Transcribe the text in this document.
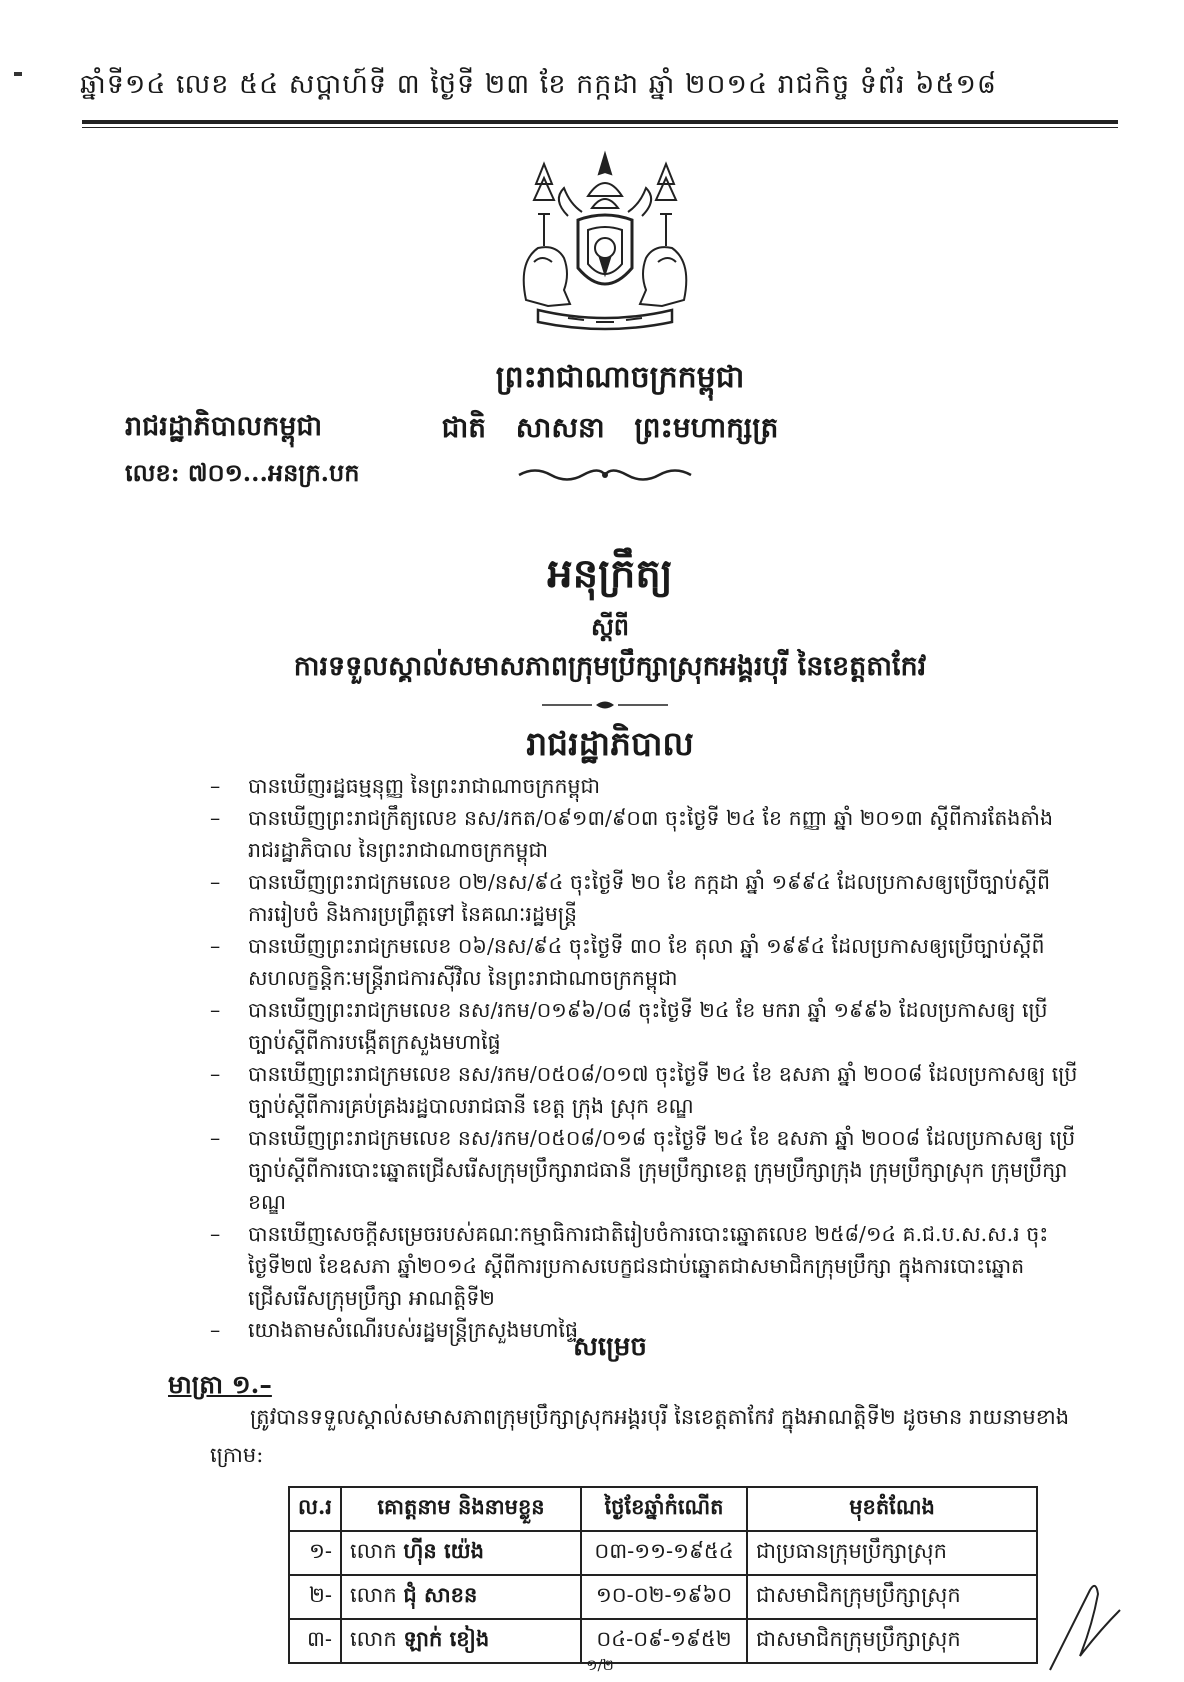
ឆ្នាំទី១៤ លេខ ៥៤ សប្តាហ៍ទី ៣ ថ្ងៃទី ២៣ ខែ កក្កដា ឆ្នាំ ២០១៤ រាជកិច្ច ទំព័រ ៦៥១៨
ព្រះរាជាណាចក្រកម្ពុជា
រាជរដ្ឋាភិបាលកម្ពុជា	ជាតិ សាសនា ព្រះមហាក្សត្រ
លេខ: ៧០១...អនក្រ.បក
អនុក្រឹត្យ
ស្តីពី
ការទទួលស្គាល់សមាសភាពក្រុមប្រឹក្សាស្រុកអង្គរបុរី នៃខេត្តតាកែវ
រាជរដ្ឋាភិបាល
– បានឃើញរដ្ឋធម្មនុញ្ញ នៃព្រះរាជាណាចក្រកម្ពុជា
– បានឃើញព្រះរាជក្រឹត្យលេខ នស/រកត/០៩១៣/៩០៣ ចុះថ្ងៃទី ២៤ ខែ កញ្ញា ឆ្នាំ ២០១៣ ស្តីពីការតែងតាំង រាជរដ្ឋាភិបាល នៃព្រះរាជាណាចក្រកម្ពុជា
– បានឃើញព្រះរាជក្រមលេខ ០២/នស/៩៤ ចុះថ្ងៃទី ២០ ខែ កក្កដា ឆ្នាំ ១៩៩៤ ដែលប្រកាសឲ្យប្រើច្បាប់ស្តីពី ការរៀបចំ និងការប្រព្រឹត្តទៅ នៃគណៈរដ្ឋមន្ត្រី
– បានឃើញព្រះរាជក្រមលេខ ០៦/នស/៩៤ ចុះថ្ងៃទី ៣០ ខែ តុលា ឆ្នាំ ១៩៩៤ ដែលប្រកាសឲ្យប្រើច្បាប់ស្តីពី សហលក្ខន្តិកៈមន្ត្រីរាជការស៊ីវិល នៃព្រះរាជាណាចក្រកម្ពុជា
– បានឃើញព្រះរាជក្រមលេខ នស/រកម/០១៩៦/០៨ ចុះថ្ងៃទី ២៤ ខែ មករា ឆ្នាំ ១៩៩៦ ដែលប្រកាសឲ្យ ប្រើច្បាប់ស្តីពីការបង្កើតក្រសួងមហាផ្ទៃ
– បានឃើញព្រះរាជក្រមលេខ នស/រកម/០៥០៨/០១៧ ចុះថ្ងៃទី ២៤ ខែ ឧសភា ឆ្នាំ ២០០៨ ដែលប្រកាសឲ្យ ប្រើច្បាប់ស្តីពីការគ្រប់គ្រងរដ្ឋបាលរាជធានី ខេត្ត ក្រុង ស្រុក ខណ្ឌ
– បានឃើញព្រះរាជក្រមលេខ នស/រកម/០៥០៨/០១៨ ចុះថ្ងៃទី ២៤ ខែ ឧសភា ឆ្នាំ ២០០៨ ដែលប្រកាសឲ្យ ប្រើច្បាប់ស្តីពីការបោះឆ្នោតជ្រើសរើសក្រុមប្រឹក្សារាជធានី ក្រុមប្រឹក្សាខេត្ត ក្រុមប្រឹក្សាក្រុង ក្រុមប្រឹក្សាស្រុក ក្រុមប្រឹក្សាខណ្ឌ
– បានឃើញសេចក្តីសម្រេចរបស់គណៈកម្មាធិការជាតិរៀបចំការបោះឆ្នោតលេខ ២៥៨/១៤ គ.ជ.ប.ស.ស.រ ចុះថ្ងៃទី២៧ ខែឧសភា ឆ្នាំ២០១៤ ស្តីពីការប្រកាសបេក្ខជនជាប់ឆ្នោតជាសមាជិកក្រុមប្រឹក្សា ក្នុងការបោះឆ្នោត ជ្រើសរើសក្រុមប្រឹក្សា អាណត្តិទី២
– យោងតាមសំណើរបស់រដ្ឋមន្ត្រីក្រសួងមហាផ្ទៃ
សម្រេច
មាត្រា ១.–
ត្រូវបានទទួលស្គាល់សមាសភាពក្រុមប្រឹក្សាស្រុកអង្គរបុរី នៃខេត្តតាកែវ ក្នុងអាណត្តិទី២ ដូចមាន រាយនាមខាងក្រោម:
ល.រ	គោត្តនាម និងនាមខ្លួន	ថ្ងៃខែឆ្នាំកំណើត	មុខតំណែង
១-	លោក ហ៊ីន យ៉េង	០៣-១១-១៩៥៤	ជាប្រធានក្រុមប្រឹក្សាស្រុក
២-	លោក ជុំ សាខន	១០-០២-១៩៦០	ជាសមាជិកក្រុមប្រឹក្សាស្រុក
៣-	លោក ឡាក់ ខៀង	០៤-០៩-១៩៥២	ជាសមាជិកក្រុមប្រឹក្សាស្រុក
១/២
